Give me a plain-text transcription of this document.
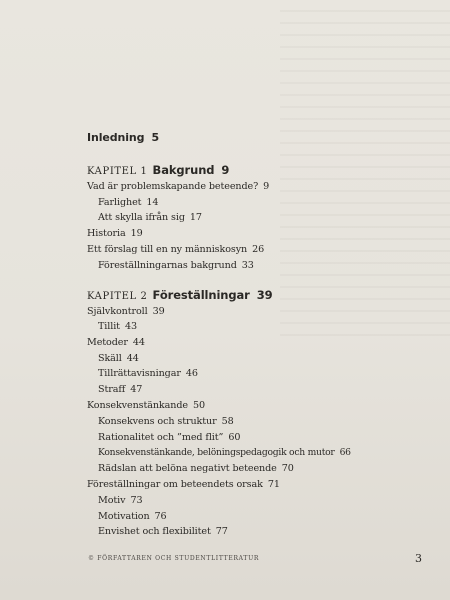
Inledning 5
KAPITEL 1 Bakgrund 9
Vad är problemskapande beteende? 9
Farlighet 14
Att skylla ifrån sig 17
Historia 19
Ett förslag till en ny människosyn 26
Föreställningarnas bakgrund 33
KAPITEL 2 Föreställningar 39
Självkontroll 39
Tillit 43
Metoder 44
Skäll 44
Tillrättavisningar 46
Straff 47
Konsekvenstänkande 50
Konsekvens och struktur 58
Rationalitet och ”med flit” 60
Konsekvenstänkande, belöningspedagogik och mutor 66
Rädslan att belöna negativt beteende 70
Föreställningar om beteendets orsak 71
Motiv 73
Motivation 76
Envishet och flexibilitet 77
© FÖRFATTAREN OCH STUDENTLITTERATUR	3
